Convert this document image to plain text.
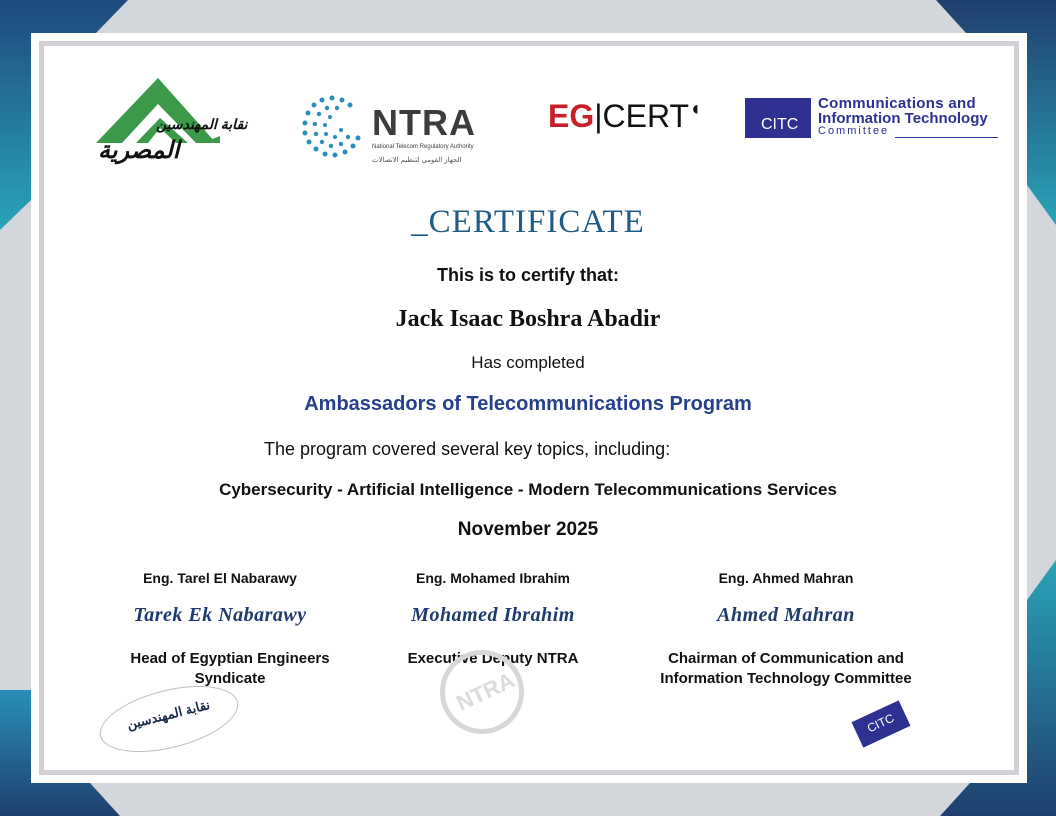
نقابة المهندسين
المصرية
NTRA
National Telecom Regulatory Authority
الجهاز القومي لتنظيم الاتصالات
EG|CERT◖
CITC
Communications and
Information Technology
Committee
_CERTIFICATE
This is to certify that:
Jack Isaac Boshra Abadir
Has completed
Ambassadors of Telecommunications Program
The program covered several key topics, including:
Cybersecurity - Artificial Intelligence - Modern Telecommunications Services
November 2025
Eng. Tarel El Nabarawy
Tarek Ek Nabarawy
Head of Egyptian Engineers Syndicate
Eng. Mohamed Ibrahim
Mohamed Ibrahim
Executive Deputy NTRA
Eng. Ahmed Mahran
Ahmed Mahran
Chairman of Communication and Information Technology Committee
نقابة المهندسين	NTRA
CITC
